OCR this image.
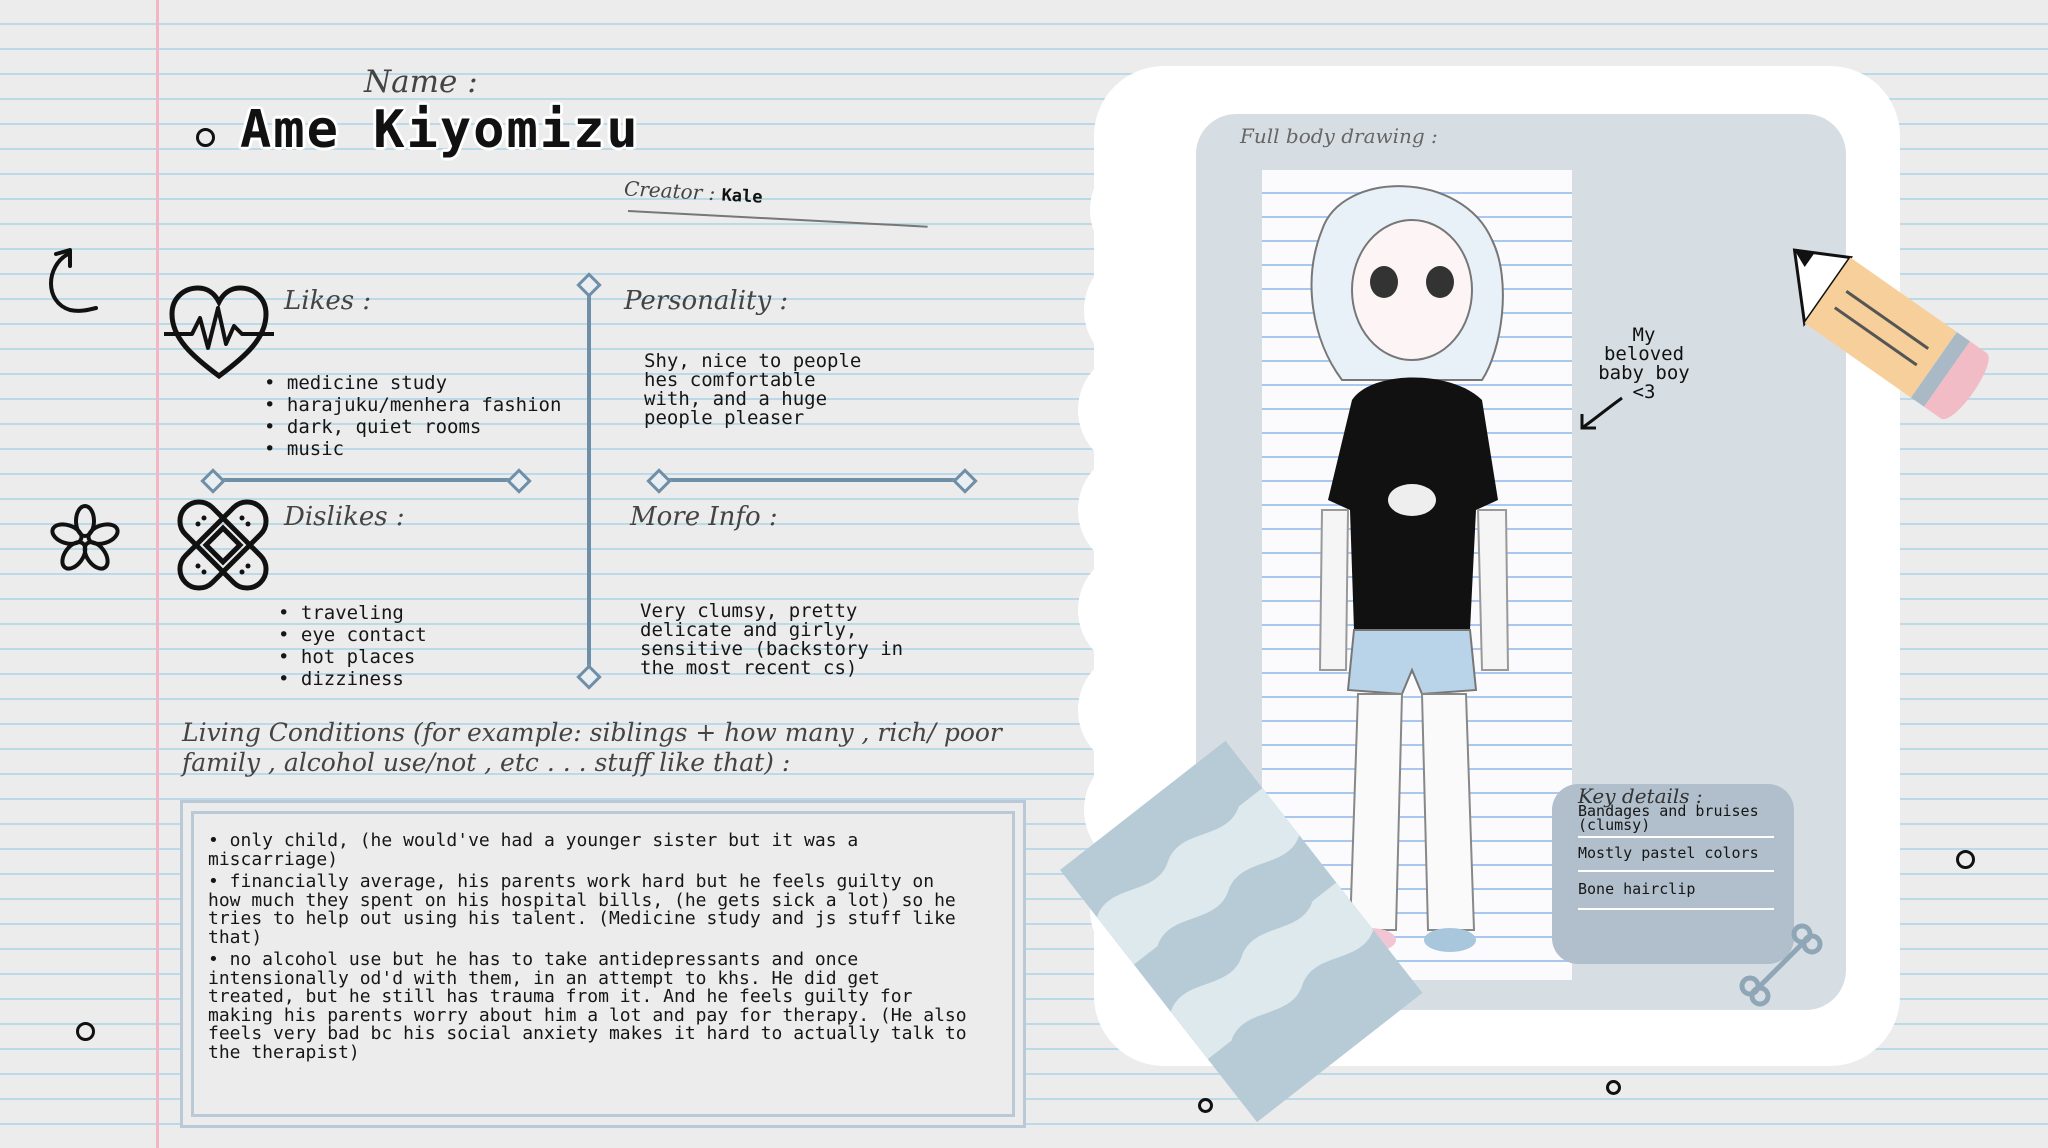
Name :
Ame Kiyomizu
Creator : Kale
Likes :
• medicine study
• harajuku/menhera fashion
• dark, quiet rooms
• music
Personality :

Shy, nice to people

hes comfortable

with, and a huge

people pleaser

Dislikes :
• traveling
• eye contact
• hot places
• dizziness
More Info :

Very clumsy, pretty

delicate and girly,

sensitive (backstory in

the most recent cs)

Living Conditions (for example: siblings + how many , rich/ poor family , alcohol use/not , etc . . . stuff like that) :

• only child, (he would've had a younger sister but it was a miscarriage)

• financially average, his parents work hard but he feels guilty on how much they spent on his hospital bills, (he gets sick a lot) so he tries to help out using his talent. (Medicine study and js stuff like that)

• no alcohol use but he has to take antidepressants and once intensionally od'd with them, in an attempt to khs. He did get treated, but he still has trauma from it. And he feels guilty for making his parents worry about him a lot and pay for therapy. (He also feels very bad bc his social anxiety makes it hard to actually talk to the therapist)

Full body drawing :
My
beloved
baby boy
<3
Key details :
Bandages and bruises (clumsy)
Mostly pastel colors
Bone hairclip
